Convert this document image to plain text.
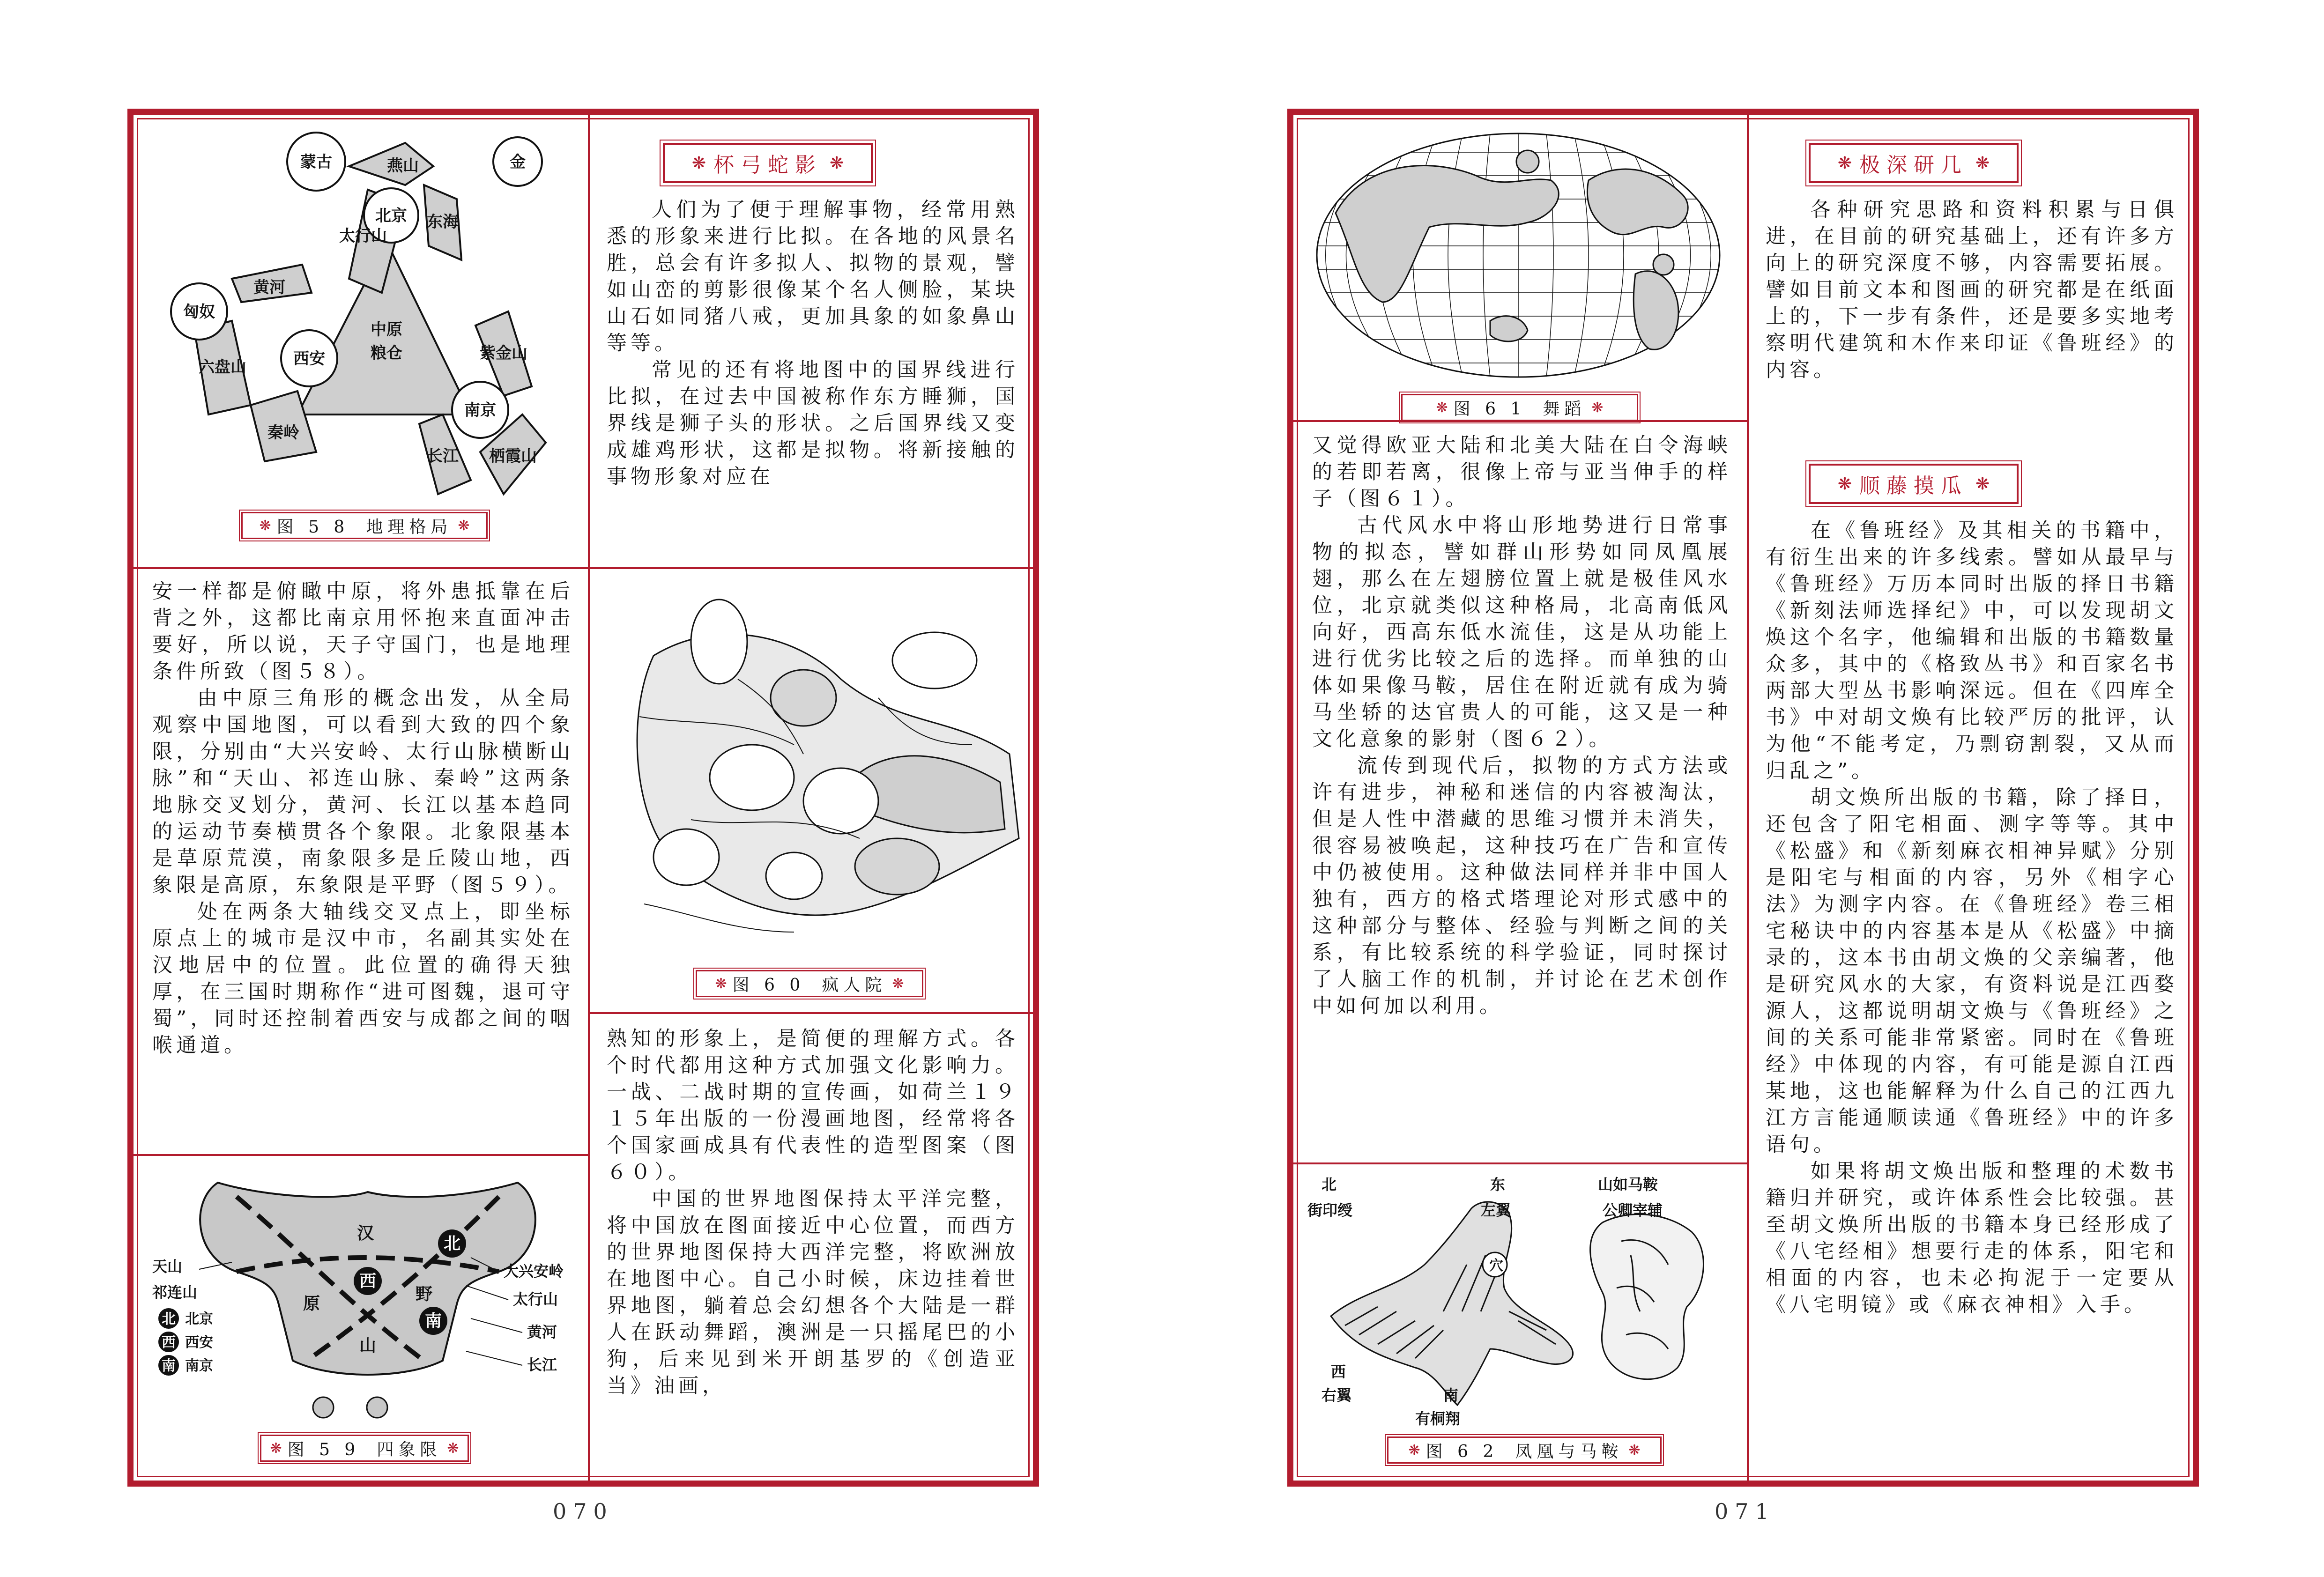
蒙古	燕山	金
北京
匈奴
黄河
中原
粮仓
西安
秦岭
南京
长江 栖霞山
紫金山
东海
六盘山
太行山
❋ 图 5 8 地理格局 ❋
❋ 杯弓蛇影 ❋

人们为了便于理解事物，经常用熟悉的形象来进行比拟。在各地的风景名胜，总会有许多拟人、拟物的景观，譬如山峦的剪影很像某个名人侧脸，某块山石如同猪八戒，更加具象的如象鼻山等等。

常见的还有将地图中的国界线进行比拟，在过去中国被称作东方睡狮，国界线是狮子头的形状。之后国界线又变成雄鸡形状，这都是拟物。将新接触的事物形象对应在

❋ 图 6 0 疯人院 ❋

安一样都是俯瞰中原，将外患抵靠在后背之外，这都比南京用怀抱来直面冲击要好，所以说，天子守国门，也是地理条件所致（图５８）。

由中原三角形的概念出发，从全局观察中国地图，可以看到大致的四个象限，分别由“大兴安岭、太行山脉横断山脉”和“天山、祁连山脉、秦岭”这两条地脉交叉划分，黄河、长江以基本趋同的运动节奏横贯各个象限。北象限基本是草原荒漠，南象限多是丘陵山地，西象限是高原，东象限是平野（图５９）。

处在两条大轴线交叉点上，即坐标原点上的城市是汉中市，名副其实处在汉地居中的位置。此位置的确得天独厚，在三国时期称作“进可图魏，退可守蜀”，同时还控制着西安与成都之间的咽喉通道。	熟知的形象上，是简便的理解方式。各个时代都用这种方式加强文化影响力。一战、二战时期的宣传画，如荷兰１９１５年出版的一份漫画地图，经常将各个国家画成具有代表性的造型图案（图６０）。

中国的世界地图保持太平洋完整，将中国放在图面接近中心位置，而西方的世界地图保持大西洋完整，将欧洲放在地图中心。自己小时候，床边挂着世界地图，躺着总会幻想各个大陆是一群人在跃动舞蹈，澳洲是一只摇尾巴的小狗，后来见到米开朗基罗的《创造亚当》油画，

西
北
南
汉
原	野
山
天山
祁连山
大兴安岭
太行山
黄河
长江
北 北京
西 西安
南 南京
❋ 图 5 9 四象限 ❋
070
❋ 图 6 1 舞蹈 ❋
❋ 极深研几 ❋

各种研究思路和资料积累与日俱进，在目前的研究基础上，还有许多方向上的研究深度不够，内容需要拓展。譬如目前文本和图画的研究都是在纸面上的，下一步有条件，还是要多实地考察明代建筑和木作来印证《鲁班经》的内容。

❋ 顺藤摸瓜 ❋

在《鲁班经》及其相关的书籍中，有衍生出来的许多线索。譬如从最早与《鲁班经》万历本同时出版的择日书籍《新刻法师选择纪》中，可以发现胡文焕这个名字，他编辑和出版的书籍数量众多，其中的《格致丛书》和百家名书两部大型丛书影响深远。但在《四库全书》中对胡文焕有比较严厉的批评，认为他“不能考定，乃剽窃割裂，又从而归乱之”。

胡文焕所出版的书籍，除了择日，还包含了阳宅相面、测字等等。其中《松盛》和《新刻麻衣相神异赋》分别是阳宅与相面的内容，另外《相字心法》为测字内容。在《鲁班经》卷三相宅秘诀中的内容基本是从《松盛》中摘录的，这本书由胡文焕的父亲编著，他是研究风水的大家，有资料说是江西婺源人，这都说明胡文焕与《鲁班经》之间的关系可能非常紧密。同时在《鲁班经》中体现的内容，有可能是源自江西某地，这也能解释为什么自己的江西九江方言能通顺读通《鲁班经》中的许多语句。

如果将胡文焕出版和整理的术数书籍归并研究，或许体系性会比较强。甚至胡文焕所出版的书籍本身已经形成了《八宅经相》想要行走的体系，阳宅和相面的内容，也未必拘泥于一定要从《八宅明镜》或《麻衣神相》入手。

又觉得欧亚大陆和北美大陆在白令海峡的若即若离，很像上帝与亚当伸手的样子（图６１）。

古代风水中将山形地势进行日常事物的拟态，譬如群山形势如同凤凰展翅，那么在左翅膀位置上就是极佳风水位，北京就类似这种格局，北高南低风向好，西高东低水流佳，这是从功能上进行优劣比较之后的选择。而单独的山体如果像马鞍，居住在附近就有成为骑马坐轿的达官贵人的可能，这又是一种文化意象的影射（图６２）。

流传到现代后，拟物的方式方法或许有进步，神秘和迷信的内容被淘汰，但是人性中潜藏的思维习惯并未消失，很容易被唤起，这种技巧在广告和宣传中仍被使用。这种做法同样并非中国人独有，西方的格式塔理论对形式感中的这种部分与整体、经验与判断之间的关系，有比较系统的科学验证，同时探讨了人脑工作的机制，并讨论在艺术创作中如何加以利用。

北
街印绶
东
左翼
穴
西
右翼	南
有桐翔
山如马鞍
公卿宰辅
❋ 图 6 2 凤凰与马鞍 ❋
071
